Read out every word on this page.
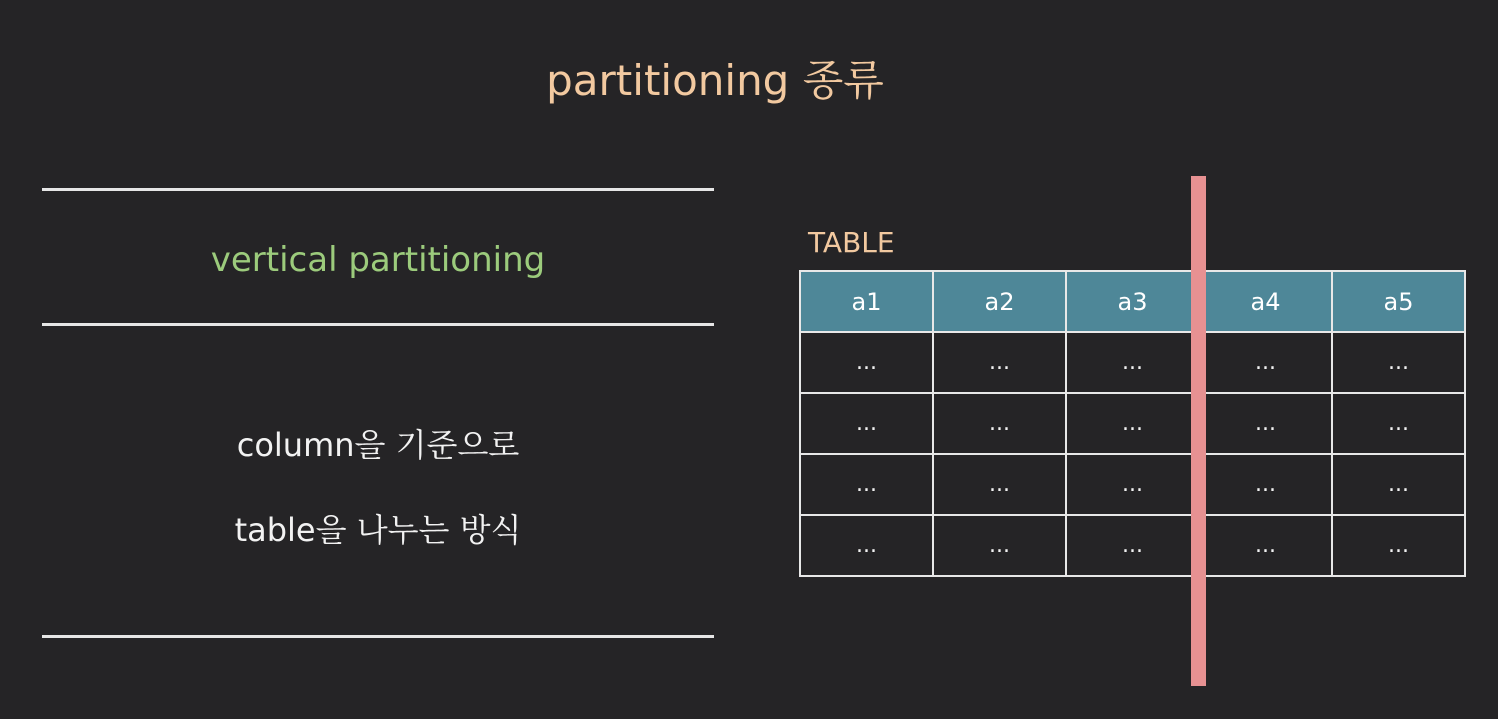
partitioning 종류
vertical partitioning
column을 기준으로
table을 나누는 방식
TABLE
a1	a2	a3	a4	a5
...	...	...	...	...
...	...	...	...	...
...	...	...	...	...
...	...	...	...	...
